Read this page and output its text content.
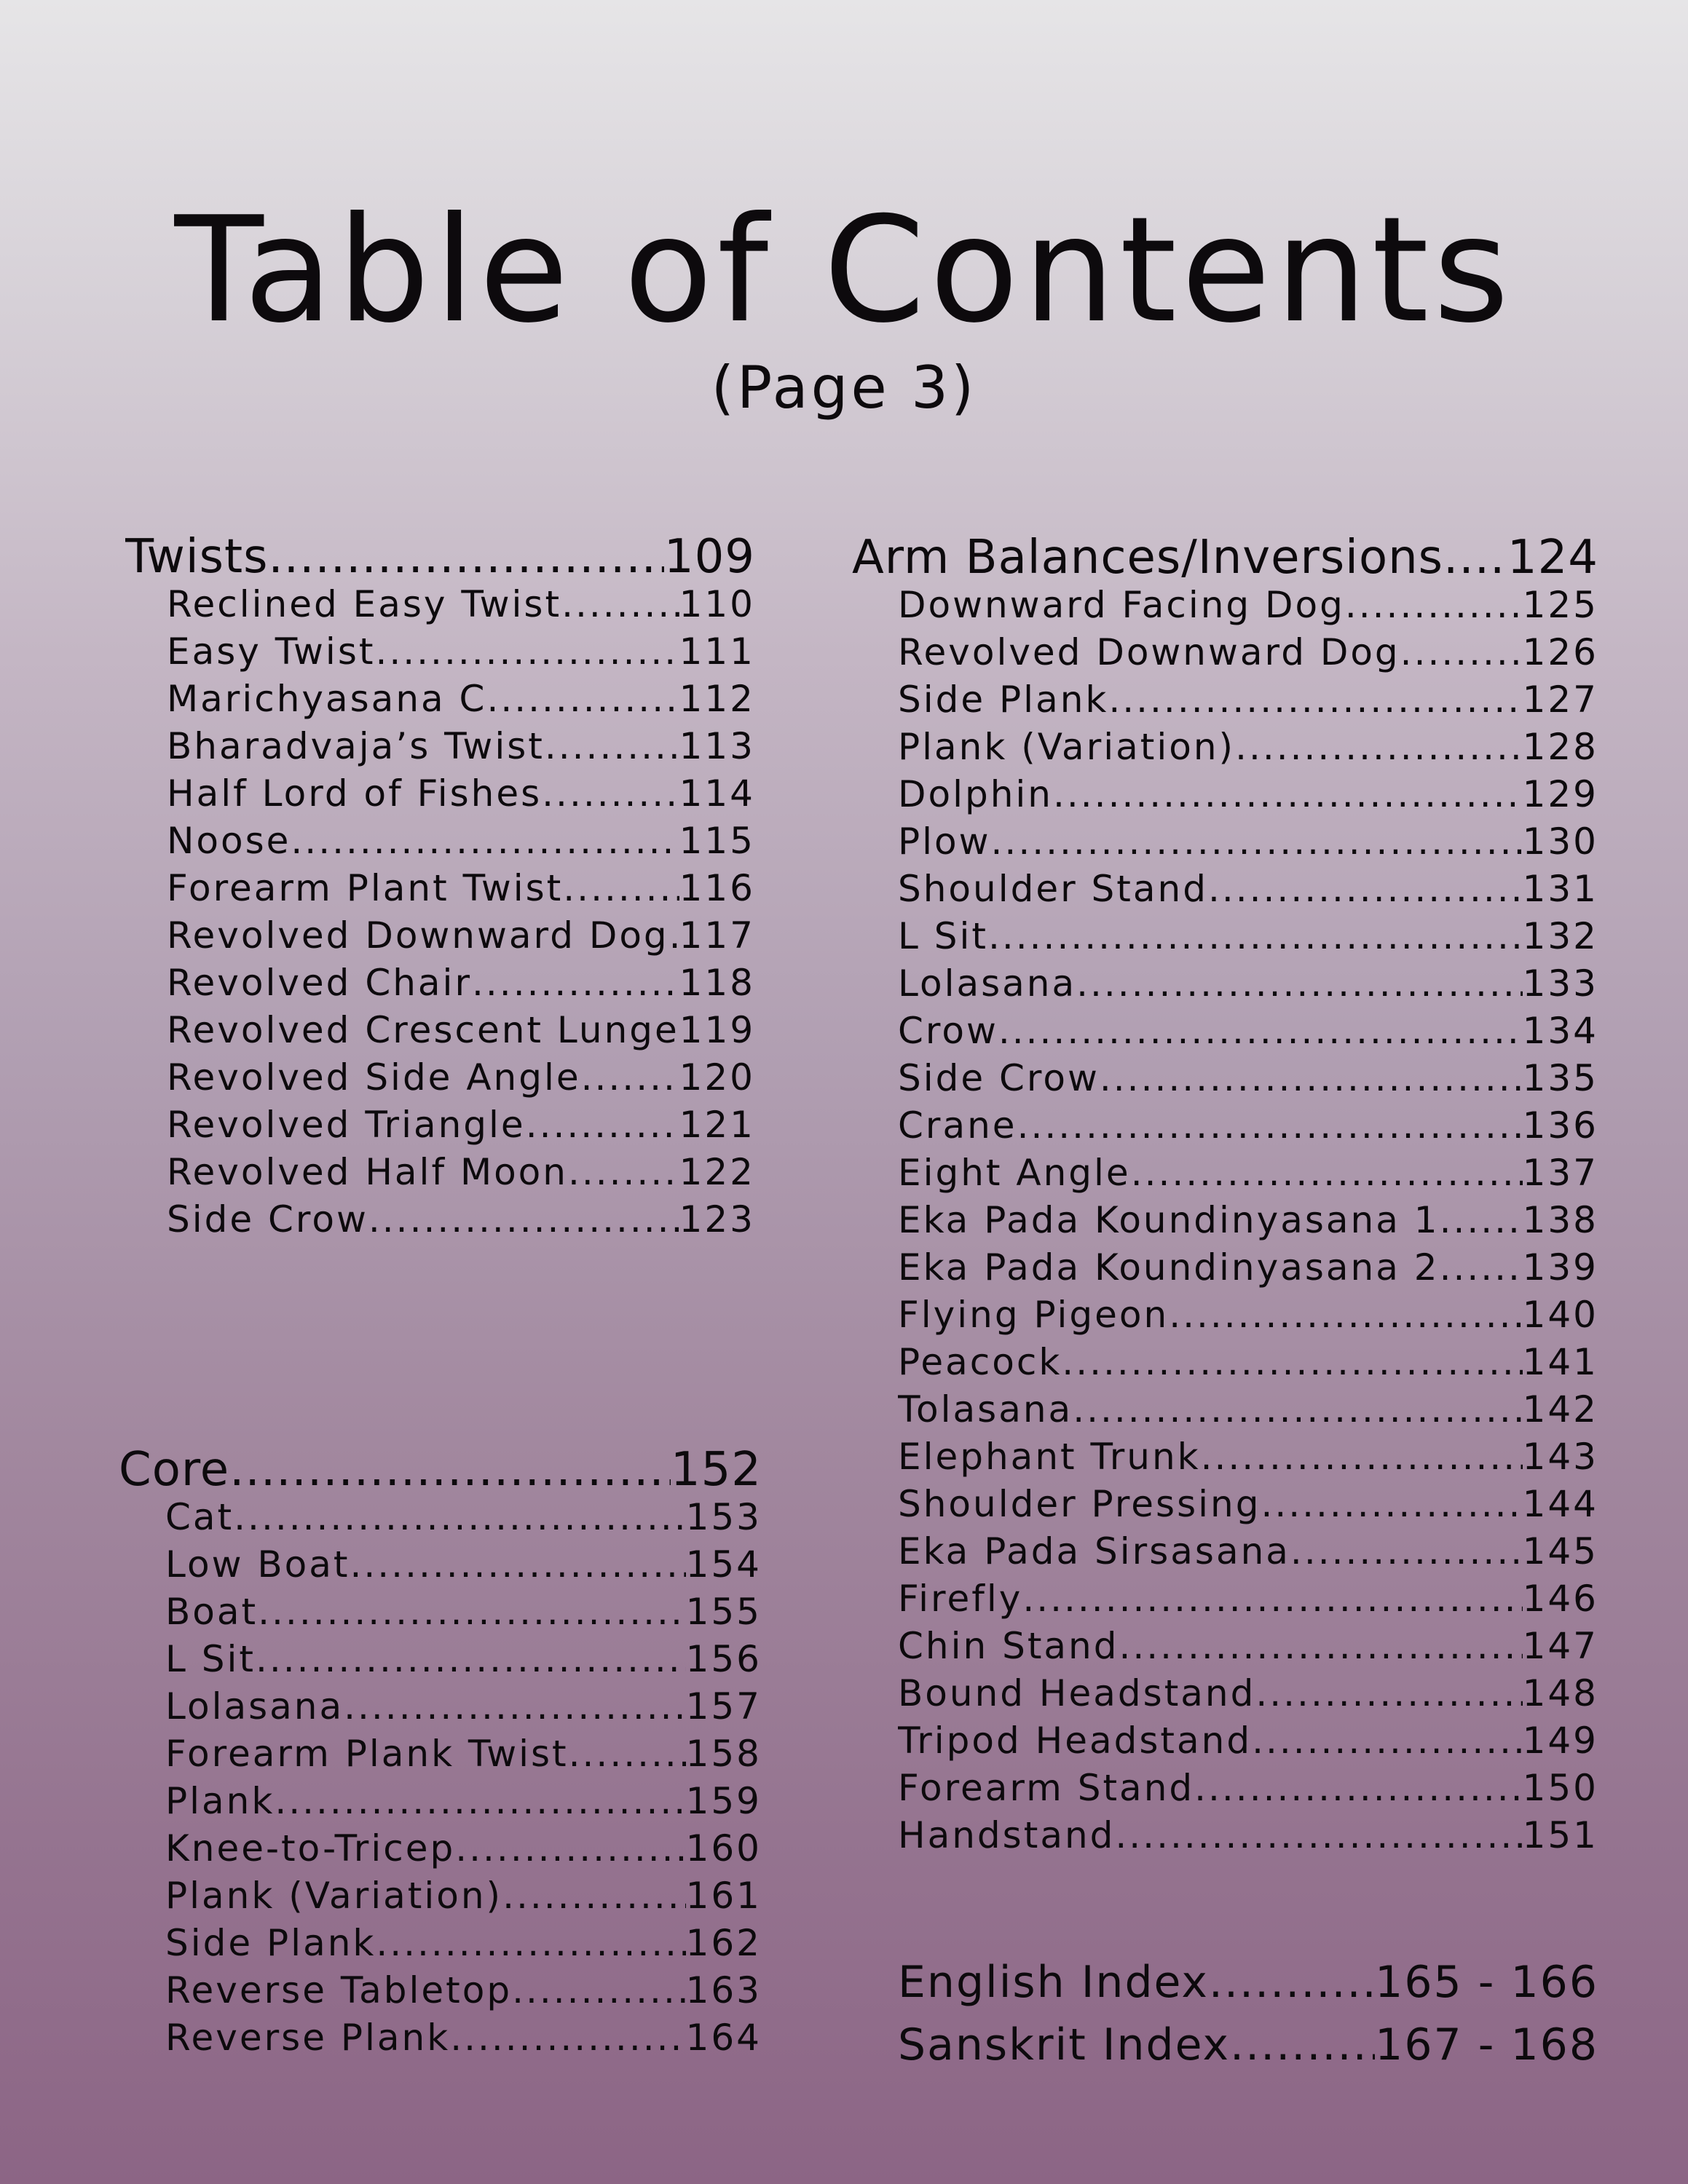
Table of Contents
(Page 3)
Twists .....	109
Reclined Easy Twist .....	110
Easy Twist .....	111
Marichyasana C .....	112
Bharadvaja’s Twist .....	113
Half Lord of Fishes .....	114
Noose .....	115
Forearm Plant Twist .....	116
Revolved Downward Dog ..... 117
Revolved Chair .....	118
Revolved Crescent Lunge 119
Revolved Side Angle .....	120
Revolved Triangle .....	121
Revolved Half Moon .....	122
Side Crow .....	123
Core .....	152
Cat .....	153
Low Boat .....	154
Boat .....	155
L Sit .....	156
Lolasana .....	157
Forearm Plank Twist .....	158
Plank .....	159
Knee-to-Tricep .....	160
Plank (Variation) .....	161
Side Plank .....	162
Reverse Tabletop .....	163
Reverse Plank .....	164
Arm Balances/Inversions ..... 124
Downward Facing Dog .....	125
Revolved Downward Dog .....	126
Side Plank .....	127
Plank (Variation) .....	128
Dolphin .....	129
Plow .....	130
Shoulder Stand .....	131
L Sit .....	132
Lolasana .....	133
Crow .....	134
Side Crow .....	135
Crane .....	136
Eight Angle .....	137
Eka Pada Koundinyasana 1 ..... 138
Eka Pada Koundinyasana 2 ..... 139
Flying Pigeon .....	140
Peacock .....	141
Tolasana .....	142
Elephant Trunk .....	143
Shoulder Pressing .....	144
Eka Pada Sirsasana .....	145
Firefly .....	146
Chin Stand .....	147
Bound Headstand .....	148
Tripod Headstand .....	149
Forearm Stand .....	150
Handstand .....	151
English Index .....	165 - 166
Sanskrit Index .....	167 - 168
